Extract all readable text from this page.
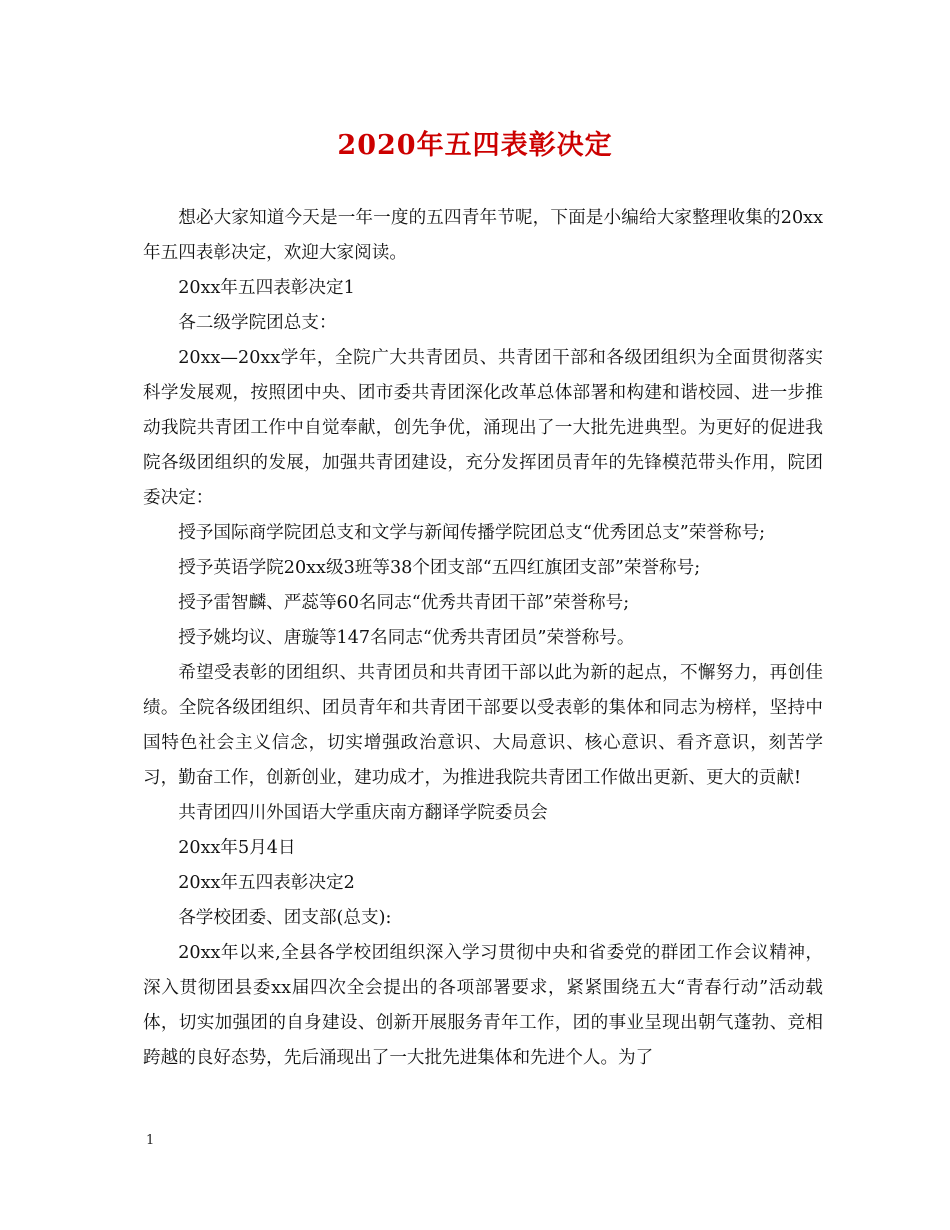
2020年五四表彰决定

想必大家知道今天是一年一度的五四青年节呢，下面是小编给大家整理收集的20xx年五四表彰决定，欢迎大家阅读。

20xx年五四表彰决定1

各二级学院团总支：

20xx—20xx学年，全院广大共青团员、共青团干部和各级团组织为全面贯彻落实科学发展观，按照团中央、团市委共青团深化改革总体部署和构建和谐校园、进一步推动我院共青团工作中自觉奉献，创先争优，涌现出了一大批先进典型。为更好的促进我院各级团组织的发展，加强共青团建设，充分发挥团员青年的先锋模范带头作用，院团委决定：

授予国际商学院团总支和文学与新闻传播学院团总支“优秀团总支”荣誉称号;

授予英语学院20xx级3班等38个团支部“五四红旗团支部”荣誉称号;

授予雷智麟、严蕊等60名同志“优秀共青团干部”荣誉称号;

授予姚均议、唐璇等147名同志“优秀共青团员”荣誉称号。

希望受表彰的团组织、共青团员和共青团干部以此为新的起点，不懈努力，再创佳绩。全院各级团组织、团员青年和共青团干部要以受表彰的集体和同志为榜样，坚持中国特色社会主义信念，切实增强政治意识、大局意识、核心意识、看齐意识，刻苦学习，勤奋工作，创新创业，建功成才，为推进我院共青团工作做出更新、更大的贡献!

共青团四川外国语大学重庆南方翻译学院委员会

20xx年5月4日

20xx年五四表彰决定2

各学校团委、团支部(总支):

20xx年以来,全县各学校团组织深入学习贯彻中央和省委党的群团工作会议精神，深入贯彻团县委xx届四次全会提出的各项部署要求，紧紧围绕五大“青春行动”活动载体，切实加强团的自身建设、创新开展服务青年工作，团的事业呈现出朝气蓬勃、竞相跨越的良好态势，先后涌现出了一大批先进集体和先进个人。为了

1
